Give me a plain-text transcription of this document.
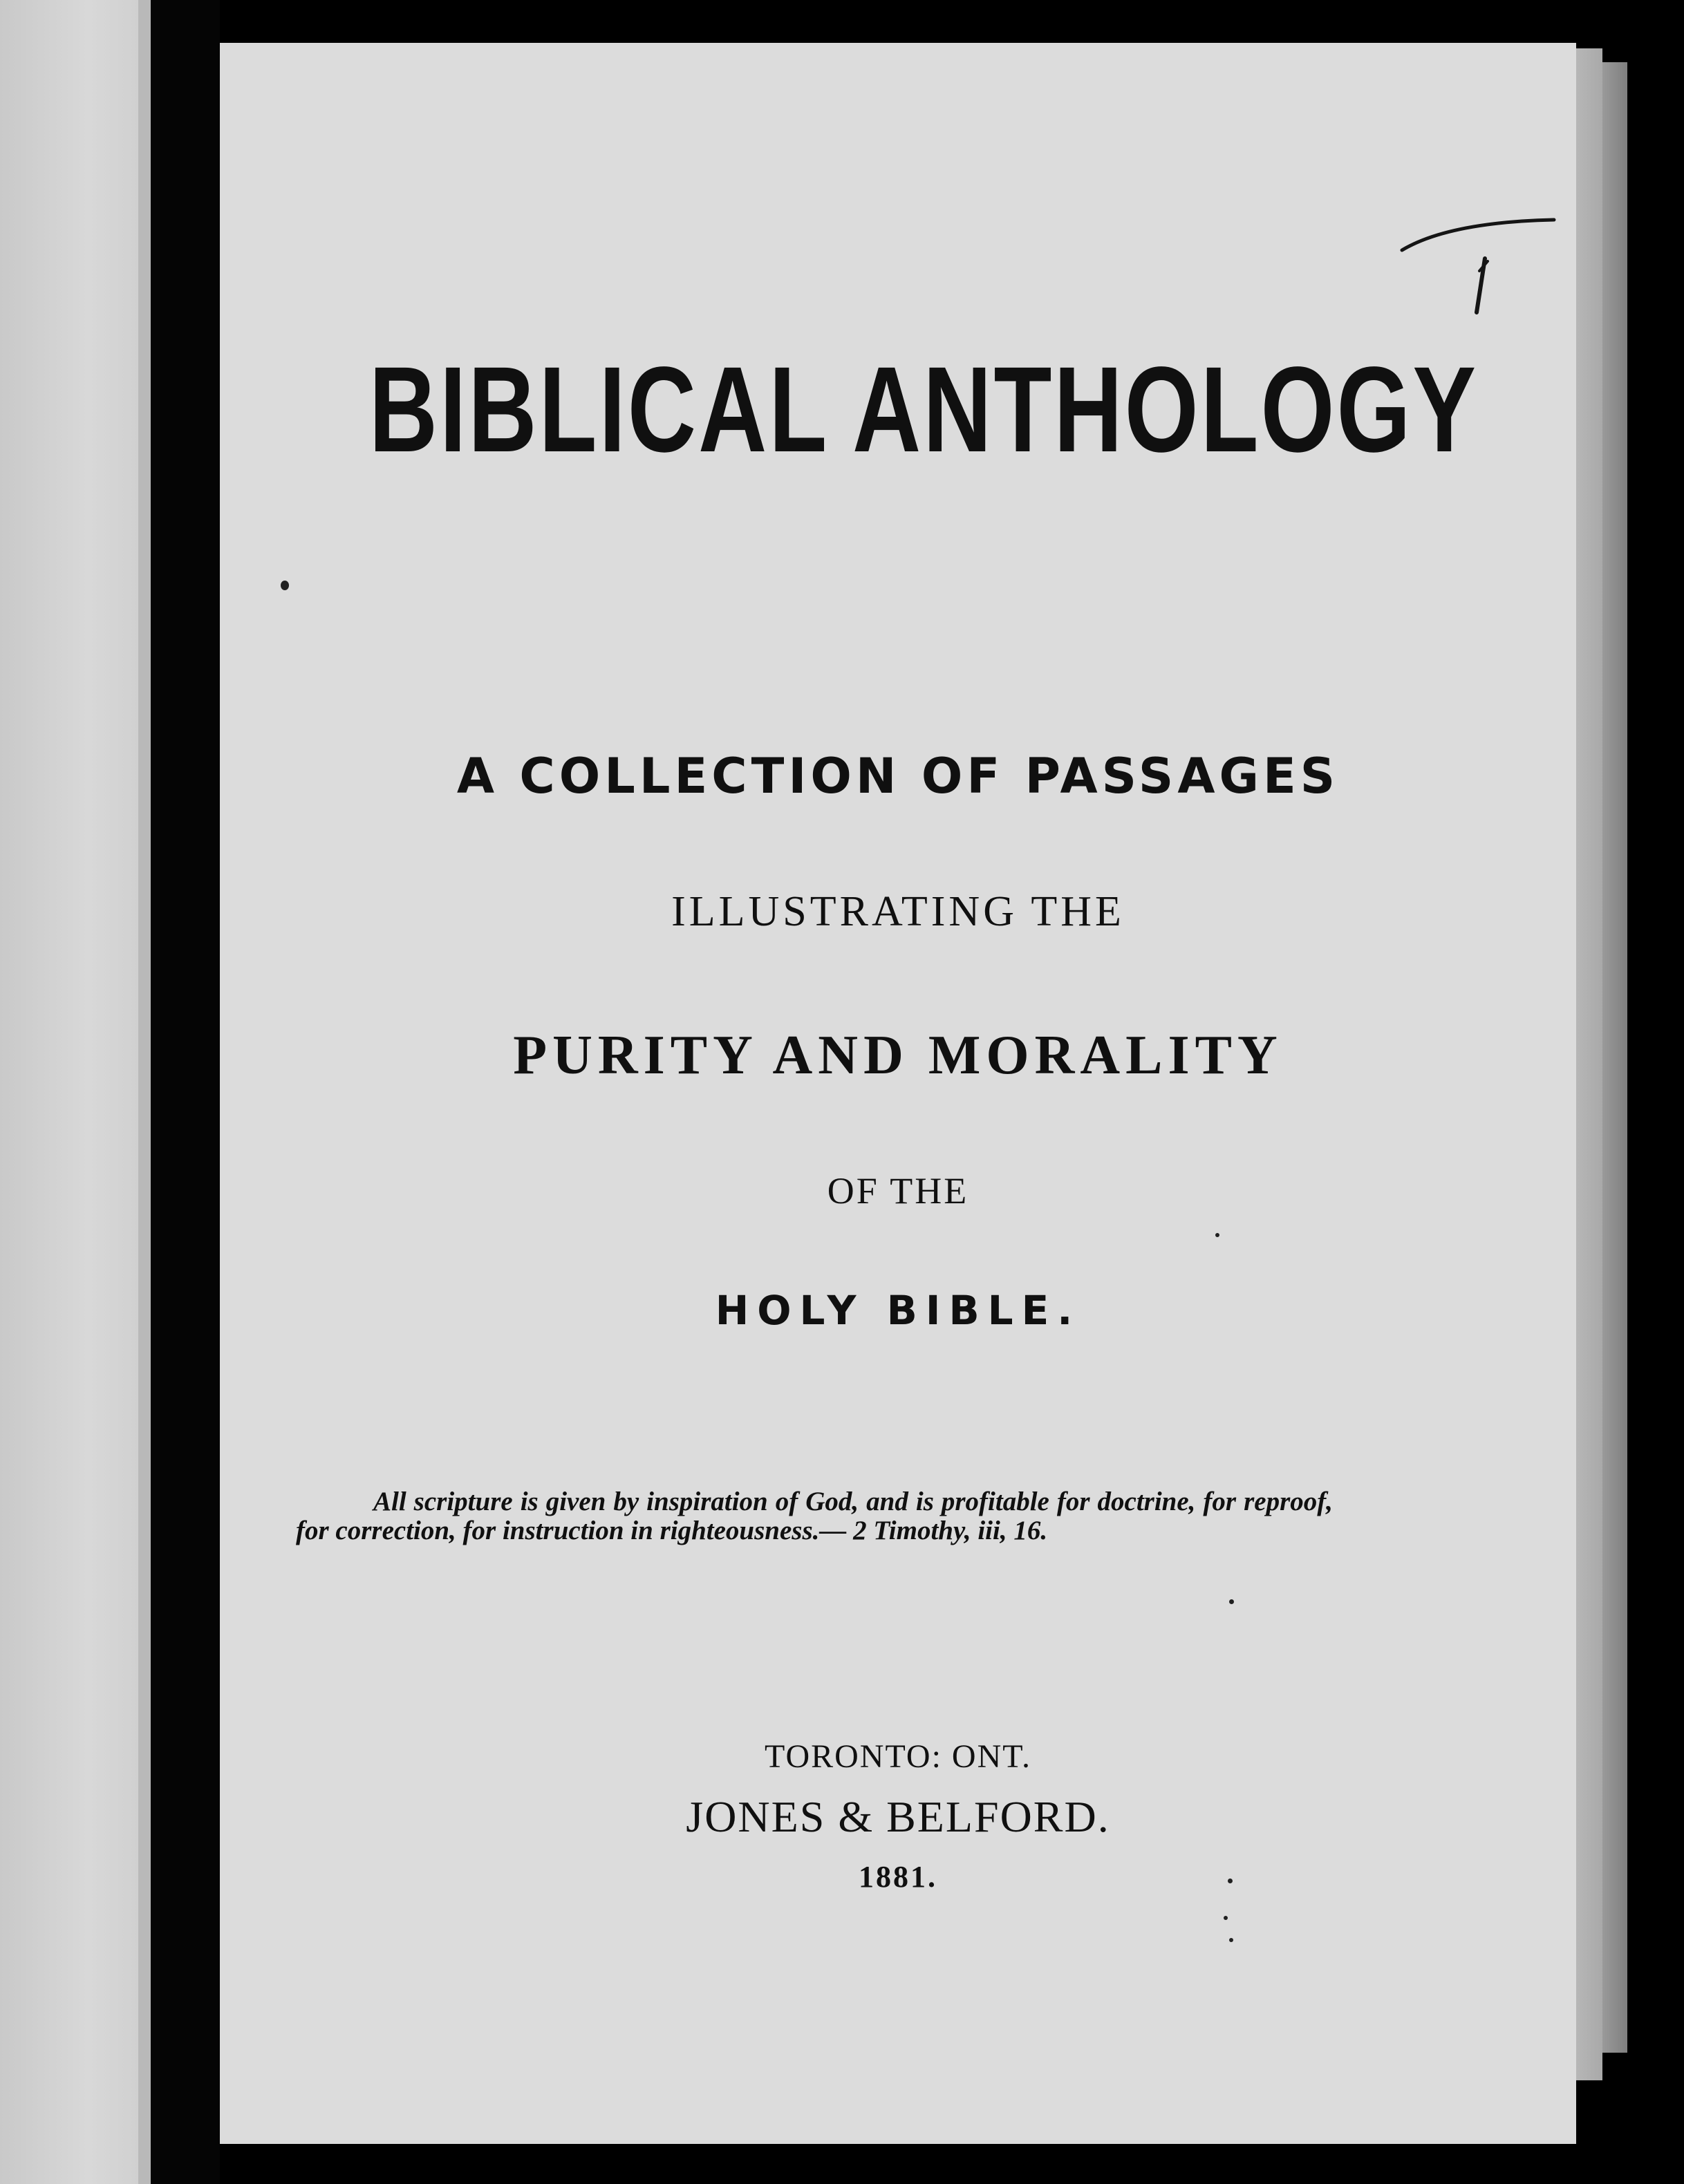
BIBLICAL ANTHOLOGY
A COLLECTION OF PASSAGES
ILLUSTRATING THE
PURITY AND MORALITY
OF THE
HOLY BIBLE.
All scripture is given by inspiration of God, and is profitable for doctrine, for reproof, for correction, for instruction in righteousness.— 2 Timothy, iii, 16.
TORONTO: ONT.
JONES & BELFORD.
1881.
